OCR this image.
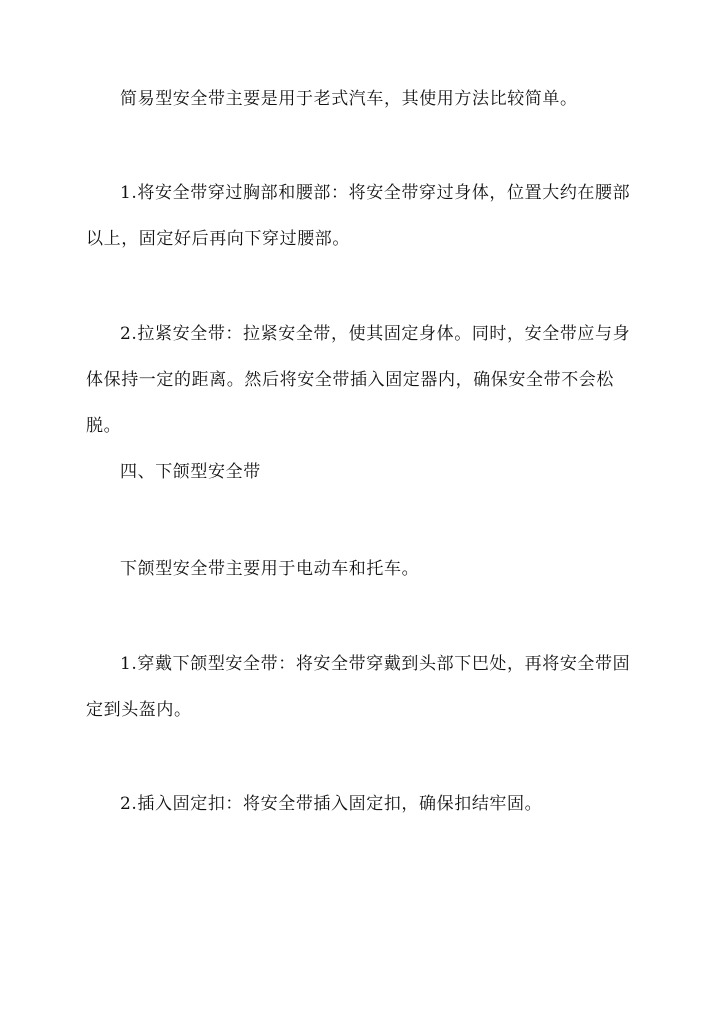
简易型安全带主要是用于老式汽车，其使用方法比较简单。

1.将安全带穿过胸部和腰部：将安全带穿过身体，位置大约在腰部以上，固定好后再向下穿过腰部。

2.拉紧安全带：拉紧安全带，使其固定身体。同时，安全带应与身体保持一定的距离。然后将安全带插入固定器内，确保安全带不会松脱。

四、下颌型安全带

下颌型安全带主要用于电动车和托车。

1.穿戴下颌型安全带：将安全带穿戴到头部下巴处，再将安全带固定到头盔内。

2.插入固定扣：将安全带插入固定扣，确保扣结牢固。
